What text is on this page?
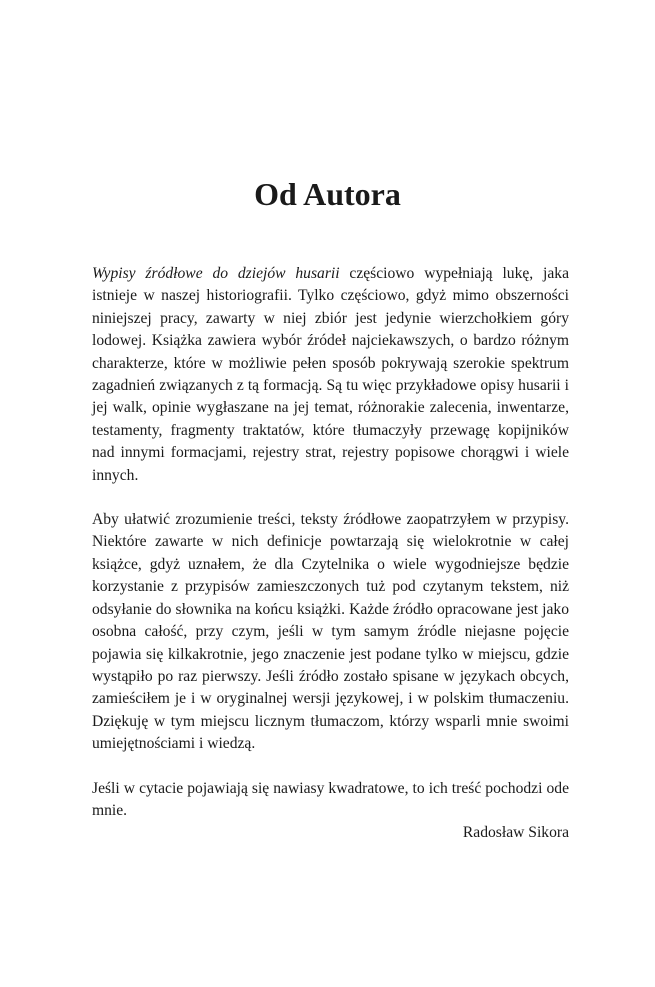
Od Autora

Wypisy źródłowe do dziejów husarii częściowo wypełniają lukę, jaka istnieje w naszej historiografii. Tylko częściowo, gdyż mimo obszerności niniejszej pracy, zawarty w niej zbiór jest jedynie wierzchołkiem góry lodowej. Książka zawiera wybór źródeł najciekawszych, o bardzo różnym charakterze, które w możliwie pełen sposób pokrywają szerokie spektrum zagadnień związanych z tą formacją. Są tu więc przykładowe opisy husarii i jej walk, opinie wygłaszane na jej temat, różnorakie zalecenia, inwentarze, testamenty, fragmenty traktatów, które tłumaczyły przewagę kopijników nad innymi formacjami, rejestry strat, rejestry popisowe chorągwi i wiele innych.

Aby ułatwić zrozumienie treści, teksty źródłowe zaopatrzyłem w przypisy. Niektóre zawarte w nich definicje powtarzają się wielokrotnie w całej książce, gdyż uznałem, że dla Czytelnika o wiele wygodniejsze będzie korzystanie z przypisów zamieszczonych tuż pod czytanym tekstem, niż odsyłanie do słownika na końcu książki. Każde źródło opracowane jest jako osobna całość, przy czym, jeśli w tym samym źródle niejasne pojęcie pojawia się kilkakrotnie, jego znaczenie jest podane tylko w miejscu, gdzie wystąpiło po raz pierwszy. Jeśli źródło zostało spisane w językach obcych, zamieściłem je i w oryginalnej wersji językowej, i w polskim tłumaczeniu. Dziękuję w tym miejscu licznym tłumaczom, którzy wsparli mnie swoimi umiejętnościami i wiedzą.

Jeśli w cytacie pojawiają się nawiasy kwadratowe, to ich treść pochodzi ode mnie.

Radosław Sikora
